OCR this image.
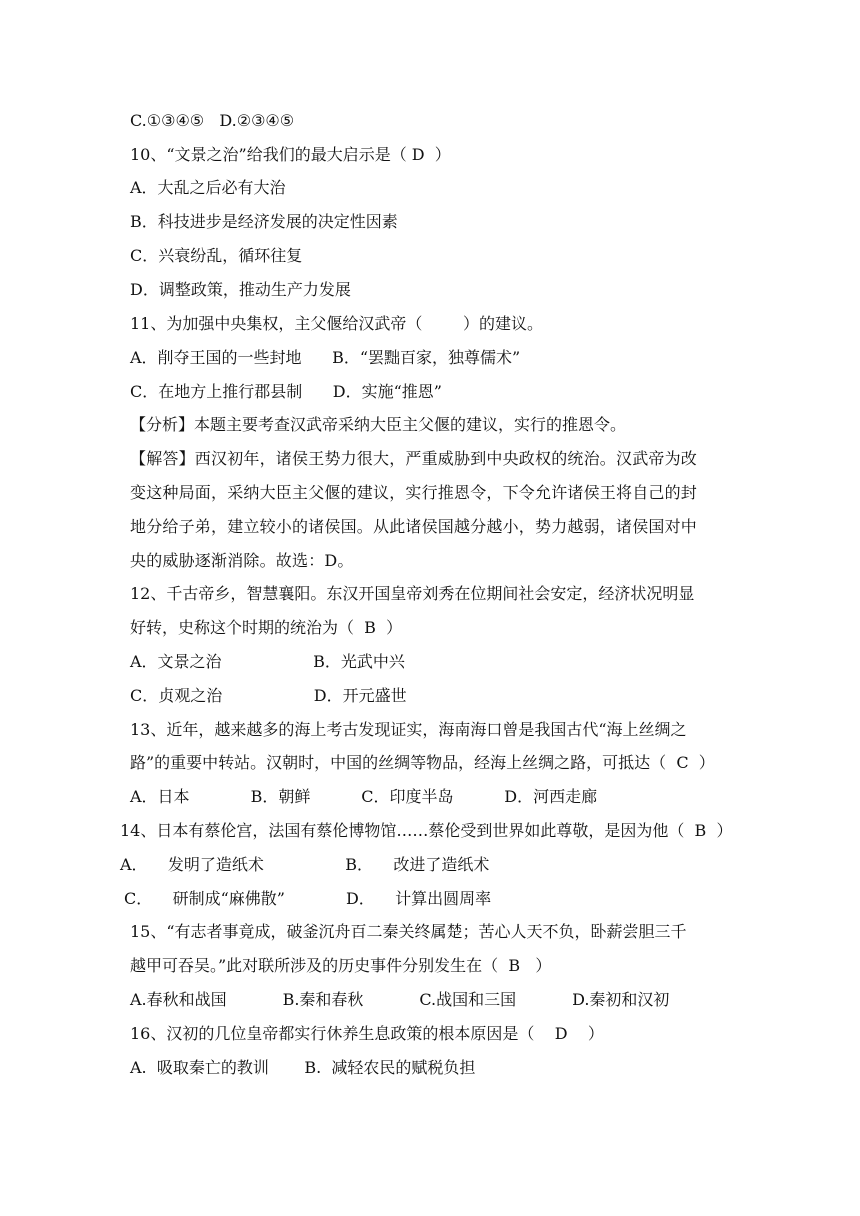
C.①③④⑤   D.②③④⑤
10、“文景之治”给我们的最大启示是（ D  ）
A．大乱之后必有大治
B．科技进步是经济发展的决定性因素
C．兴衰纷乱，循环往复
D．调整政策，推动生产力发展
11、为加强中央集权，主父偃给汉武帝（        ）的建议。
A．削夺王国的一些封地      B．“罢黜百家，独尊儒术”
C．在地方上推行郡县制      D．实施“推恩”
【分析】本题主要考查汉武帝采纳大臣主父偃的建议，实行的推恩令。
【解答】西汉初年，诸侯王势力很大，严重威胁到中央政权的统治。汉武帝为改
变这种局面，采纳大臣主父偃的建议，实行推恩令，下令允许诸侯王将自己的封
地分给子弟，建立较小的诸侯国。从此诸侯国越分越小，势力越弱，诸侯国对中
央的威胁逐渐消除。故选：D。
12、千古帝乡，智慧襄阳。东汉开国皇帝刘秀在位期间社会安定，经济状况明显
好转，史称这个时期的统治为（  B  ）
A．文景之治                  B．光武中兴
C．贞观之治                  D．开元盛世
13、近年，越来越多的海上考古发现证实，海南海口曾是我国古代“海上丝绸之
路”的重要中转站。汉朝时，中国的丝绸等物品，经海上丝绸之路，可抵达（  C  ）
A．日本            B．朝鲜          C．印度半岛          D．河西走廊
14、日本有蔡伦宫，法国有蔡伦博物馆……蔡伦受到世界如此尊敬，是因为他（  B  ）
A．    发明了造纸术                B．    改进了造纸术
C．    研制成“麻佛散”            D．    计算出圆周率
15、“有志者事竟成，破釜沉舟百二秦关终属楚；苦心人天不负，卧薪尝胆三千
越甲可吞吴。”此对联所涉及的历史事件分别发生在（  B   ）
A.春秋和战国           B.秦和春秋           C.战国和三国           D.秦初和汉初
16、汉初的几位皇帝都实行休养生息政策的根本原因是（    D    ）
A.  吸取秦亡的教训       B.  减轻农民的赋税负担
